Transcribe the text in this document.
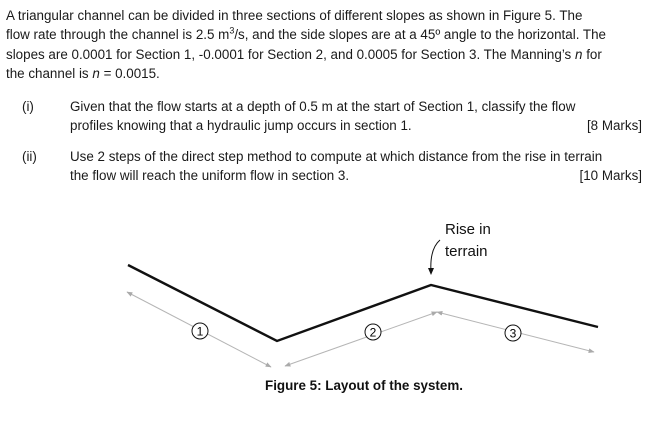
A triangular channel can be divided in three sections of different slopes as shown in Figure 5. The
flow rate through the channel is 2.5 $m^3/s$, and the side slopes are at a 45º angle to the horizontal. The
slopes are 0.0001 for Section 1, -0.0001 for Section 2, and 0.0005 for Section 3. The Manning’s n for
the channel is n = 0.0015.
(i)	Given that the flow starts at a depth of 0.5 m at the start of Section 1, classify the flow
profiles knowing that a hydraulic jump occurs in section 1.	[8 Marks]
(ii) Use 2 steps of the direct step method to compute at which distance from the rise in terrain
the flow will reach the uniform flow in section 3.	[10 Marks]
1	2	3
Rise in
terrain
Figure 5: Layout of the system.
